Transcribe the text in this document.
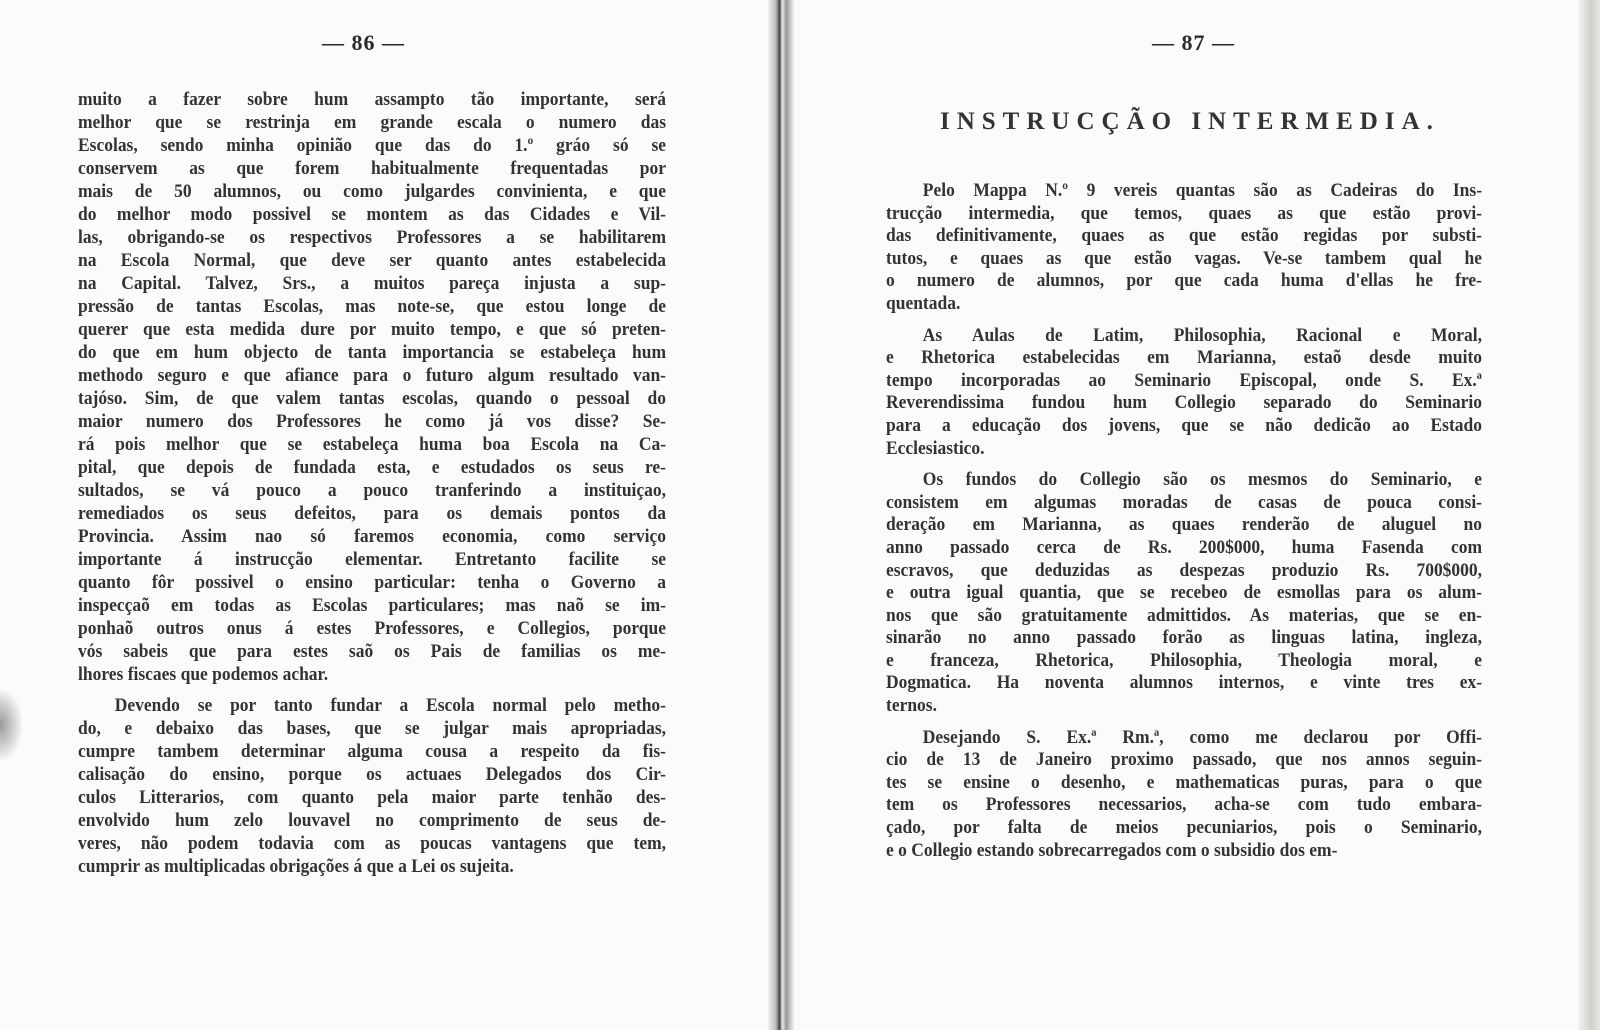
— 86 —	— 87 —
INSTRUCÇÃO INTERMEDIA.
muito a fazer sobre hum assampto tão importante, será
melhor que se restrinja em grande escala o numero das
Escolas, sendo minha opinião que das do 1.º gráo só se
conservem as que forem habitualmente frequentadas por
mais de 50 alumnos, ou como julgardes convinienta, e que
do melhor modo possivel se montem as das Cidades e Vil-
las, obrigando-se os respectivos Professores a se habilitarem
na Escola Normal, que deve ser quanto antes estabelecida
na Capital. Talvez, Srs., a muitos pareça injusta a sup-
pressão de tantas Escolas, mas note-se, que estou longe de
querer que esta medida dure por muito tempo, e que só preten-
do que em hum objecto de tanta importancia se estabeleça hum
methodo seguro e que afiance para o futuro algum resultado van-
tajóso. Sim, de que valem tantas escolas, quando o pessoal do
maior numero dos Professores he como já vos disse? Se-
rá pois melhor que se estabeleça huma boa Escola na Ca-
pital, que depois de fundada esta, e estudados os seus re-
sultados, se vá pouco a pouco tranferindo a instituiçao,
remediados os seus defeitos, para os demais pontos da
Provincia. Assim nao só faremos economia, como serviço
importante á instrucção elementar. Entretanto facilite se
quanto fôr possivel o ensino particular: tenha o Governo a
inspecçaõ em todas as Escolas particulares; mas naõ se im-
ponhaõ outros onus á estes Professores, e Collegios, porque
vós sabeis que para estes saõ os Pais de familias os me-
lhores fiscaes que podemos achar.
Devendo se por tanto fundar a Escola normal pelo metho-
do, e debaixo das bases, que se julgar mais apropriadas,
cumpre tambem determinar alguma cousa a respeito da fis-
calisação do ensino, porque os actuaes Delegados dos Cir-
culos Litterarios, com quanto pela maior parte tenhão des-
envolvido hum zelo louvavel no comprimento de seus de-
veres, não podem todavia com as poucas vantagens que tem,
cumprir as multiplicadas obrigações á que a Lei os sujeita.
Pelo Mappa N.º 9 vereis quantas são as Cadeiras do Ins-
trucção intermedia, que temos, quaes as que estão provi-
das definitivamente, quaes as que estão regidas por substi-
tutos, e quaes as que estão vagas. Ve-se tambem qual he
o numero de alumnos, por que cada huma d'ellas he fre-
quentada.
As Aulas de Latim, Philosophia, Racional e Moral,
e Rhetorica estabelecidas em Marianna, estaõ desde muito
tempo incorporadas ao Seminario Episcopal, onde S. Ex.ª
Reverendissima fundou hum Collegio separado do Seminario
para a educação dos jovens, que se não dedicão ao Estado
Ecclesiastico.
Os fundos do Collegio são os mesmos do Seminario, e
consistem em algumas moradas de casas de pouca consi-
deração em Marianna, as quaes renderão de aluguel no
anno passado cerca de Rs. 200$000, huma Fasenda com
escravos, que deduzidas as despezas produzio Rs. 700$000,
e outra igual quantia, que se recebeo de esmollas para os alum-
nos que são gratuitamente admittidos. As materias, que se en-
sinarão no anno passado forão as linguas latina, ingleza,
e franceza, Rhetorica, Philosophia, Theologia moral, e
Dogmatica. Ha noventa alumnos internos, e vinte tres ex-
ternos.
Desejando S. Ex.ª Rm.ª, como me declarou por Offi-
cio de 13 de Janeiro proximo passado, que nos annos seguin-
tes se ensine o desenho, e mathematicas puras, para o que
tem os Professores necessarios, acha-se com tudo embara-
çado, por falta de meios pecuniarios, pois o Seminario,
e o Collegio estando sobrecarregados com o subsidio dos em-
